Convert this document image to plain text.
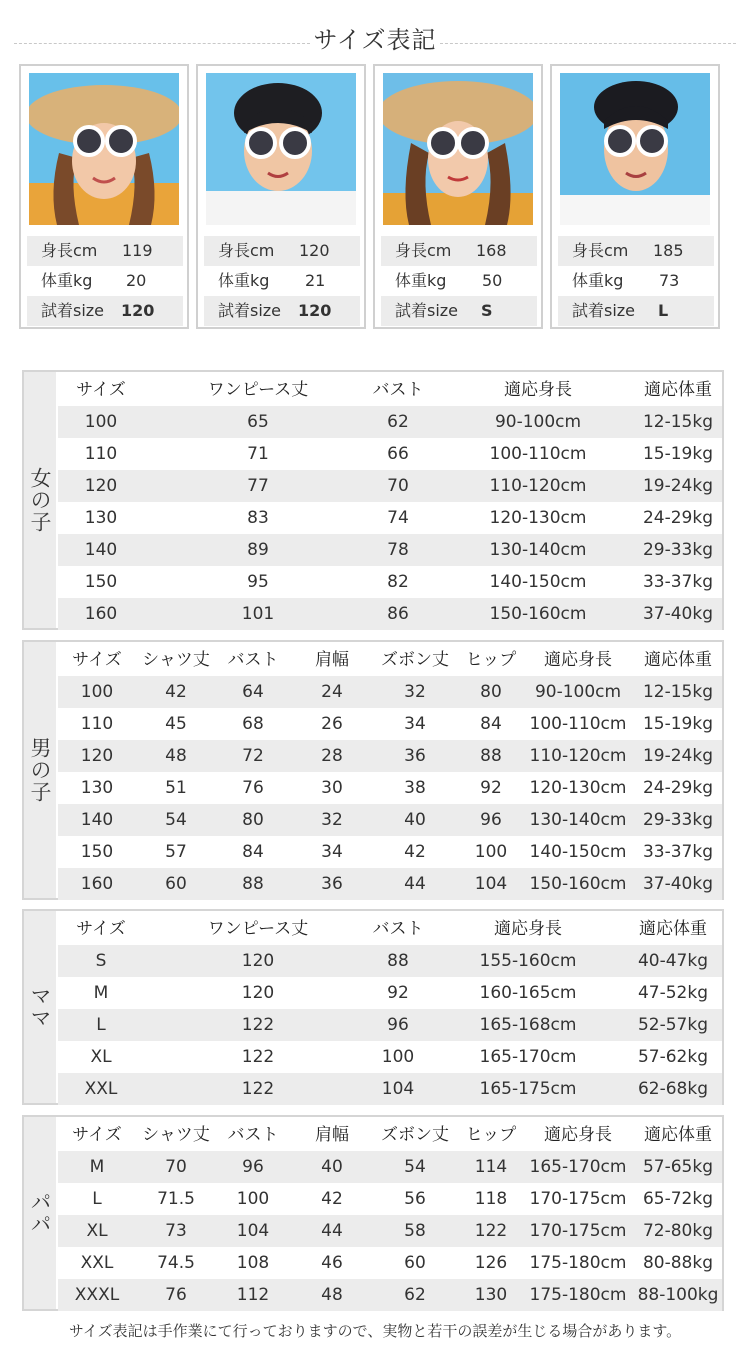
サイズ表記
身長cm 119
体重kg 20
試着size 120
身長cm 120
体重kg 21
試着size 120
身長cm 168
体重kg 50
試着size S
身長cm 185
体重kg 73
試着size L
女の子
サイズ	ワンピース丈	バスト	適応身長	適応体重
100	65	62	90-100cm	12-15kg
110	71	66	100-110cm	15-19kg
120	77	70	110-120cm	19-24kg
130	83	74	120-130cm	24-29kg
140	89	78	130-140cm	29-33kg
150	95	82	140-150cm	33-37kg
160	101	86	150-160cm	37-40kg
男の子
サイズ	シャツ丈	バスト	肩幅	ズボン丈 ヒップ	適応身長	適応体重
100	42	64	24	32	80	90-100cm	12-15kg
110	45	68	26	34	84	100-110cm 15-19kg
120	48	72	28	36	88	110-120cm 19-24kg
130	51	76	30	38	92	120-130cm 24-29kg
140	54	80	32	40	96	130-140cm 29-33kg
150	57	84	34	42	100	140-150cm 33-37kg
160	60	88	36	44	104	150-160cm 37-40kg
ママ
サイズ	ワンピース丈	バスト	適応身長	適応体重
S	120	88	155-160cm	40-47kg
M	120	92	160-165cm	47-52kg
L	122	96	165-168cm	52-57kg
XL	122	100	165-170cm	57-62kg
XXL	122	104	165-175cm	62-68kg
パパ
サイズ	シャツ丈	バスト	肩幅	ズボン丈 ヒップ	適応身長	適応体重
M	70	96	40	54	114	165-170cm 57-65kg
L	71.5	100	42	56	118	170-175cm 65-72kg
XL	73	104	44	58	122	170-175cm 72-80kg
XXL	74.5	108	46	60	126	175-180cm 80-88kg
XXXL	76	112	48	62	130	175-180cm 88-100kg
サイズ表記は手作業にて行っておりますので、実物と若干の誤差が生じる場合があります。
